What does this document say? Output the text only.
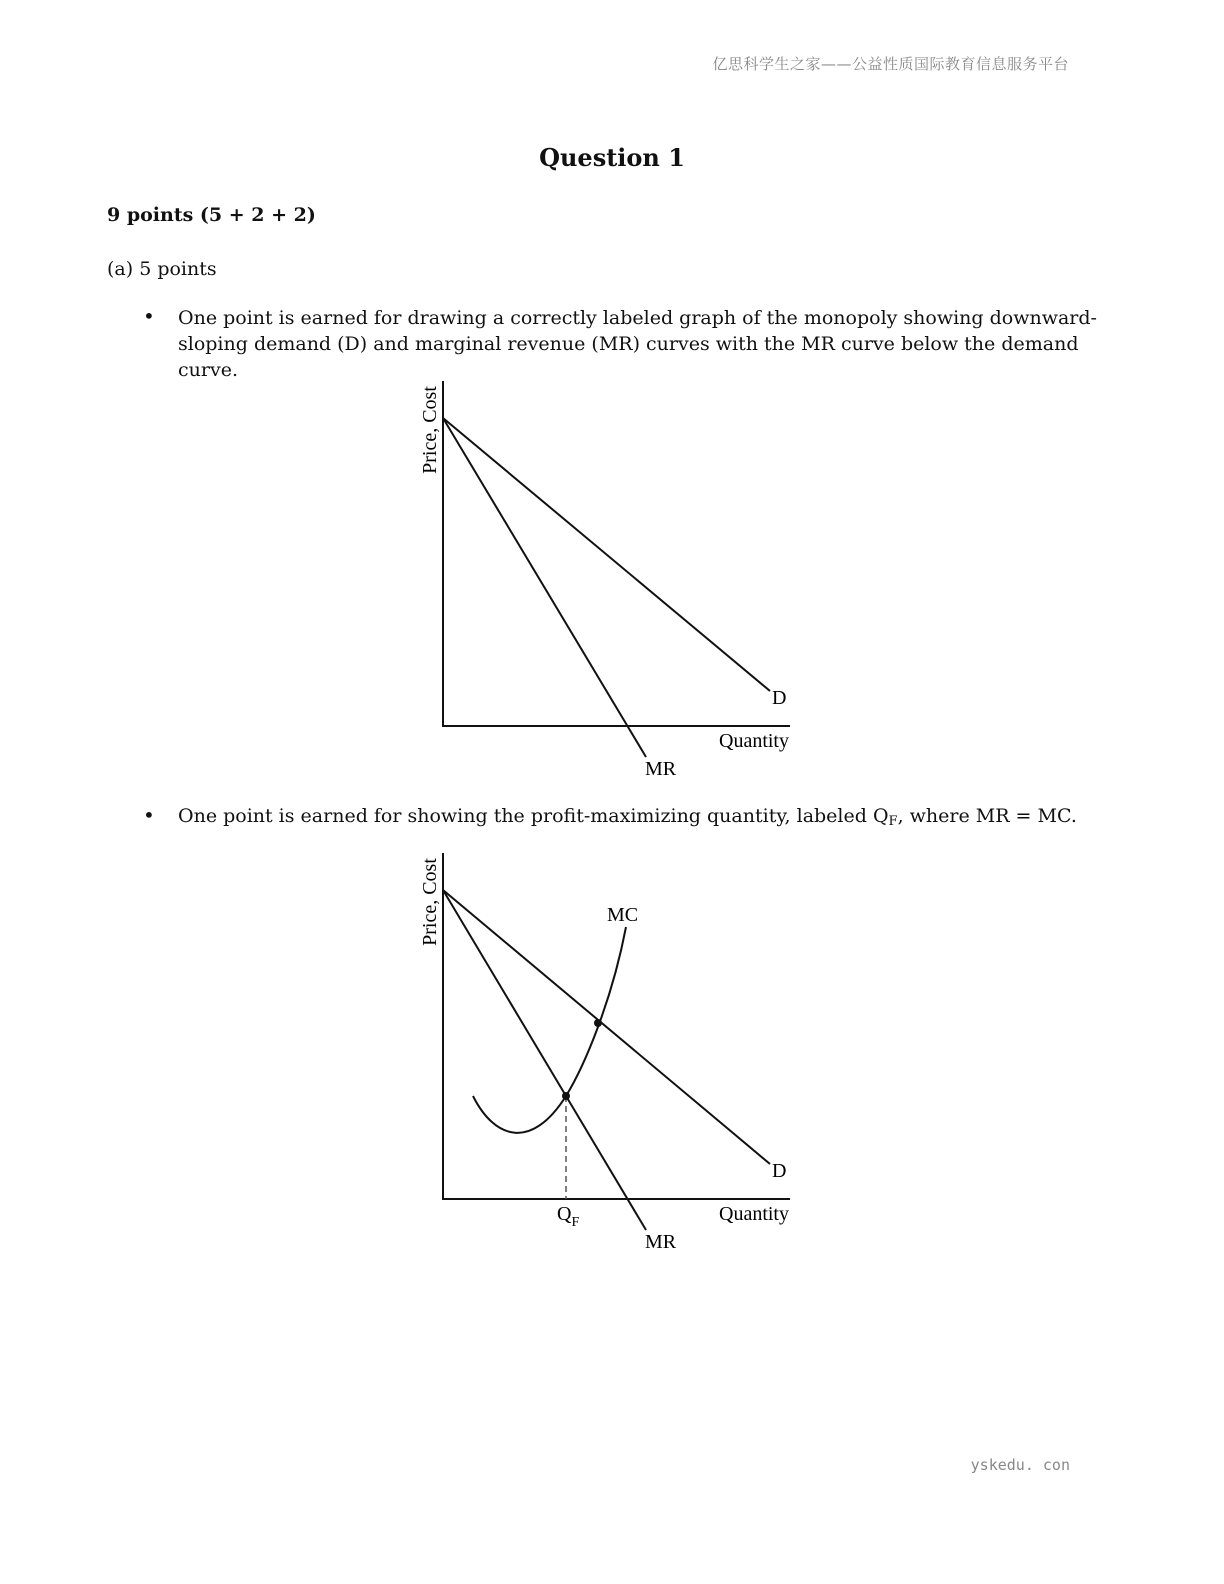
亿思科学生之家——公益性质国际教育信息服务平台
Question 1
9 points (5 + 2 + 2)
(a) 5 points
• One point is earned for drawing a correctly labeled graph of the monopoly showing downward-sloping demand (D) and marginal revenue (MR) curves with the MR curve below the demand curve.
Price, Cost
Quantity
D
MR
• One point is earned for showing the profit-maximizing quantity, labeled $Q_F$, where MR = MC.
Price, Cost
Quantity
D
MR
MC
$Q_F$
yskedu. con
